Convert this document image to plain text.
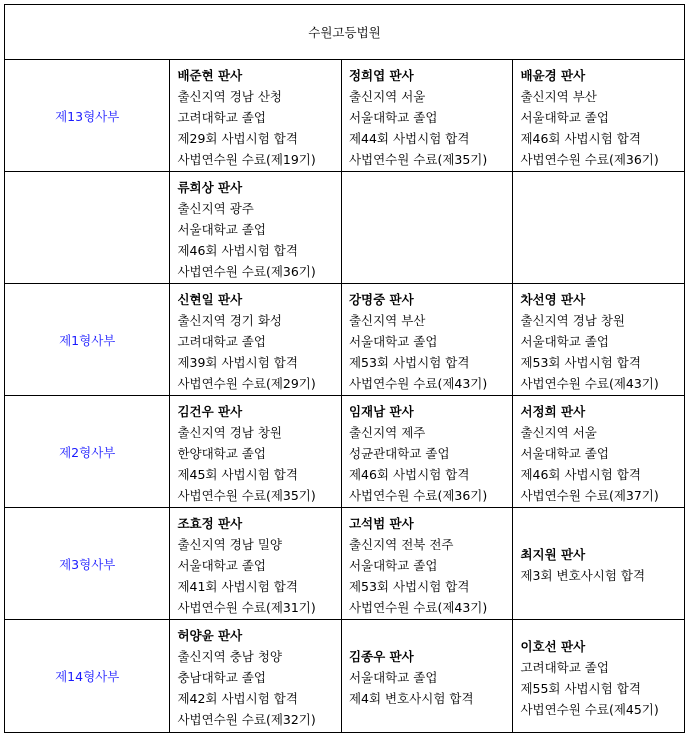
수원고등법원			
제13형사부	배준현 판사
출신지역 경남 산청
고려대학교 졸업
제29회 사법시험 합격
사법연수원 수료(제19기)	정희엽 판사
출신지역 서울
서울대학교 졸업
제44회 사법시험 합격
사법연수원 수료(제35기)	배윤경 판사
출신지역 부산
서울대학교 졸업
제46회 사법시험 합격
사법연수원 수료(제36기)

	류희상 판사
출신지역 광주
서울대학교 졸업
제46회 사법시험 합격
사법연수원 수료(제36기)		

제1형사부	신현일 판사
출신지역 경기 화성
고려대학교 졸업
제39회 사법시험 합격
사법연수원 수료(제29기)	강명중 판사
출신지역 부산
서울대학교 졸업
제53회 사법시험 합격
사법연수원 수료(제43기)	차선영 판사
출신지역 경남 창원
서울대학교 졸업
제53회 사법시험 합격
사법연수원 수료(제43기)

제2형사부	김건우 판사
출신지역 경남 창원
한양대학교 졸업
제45회 사법시험 합격
사법연수원 수료(제35기)	임재남 판사
출신지역 제주
성균관대학교 졸업
제46회 사법시험 합격
사법연수원 수료(제36기)	서정희 판사
출신지역 서울
서울대학교 졸업
제46회 사법시험 합격
사법연수원 수료(제37기)

제3형사부	조효정 판사
출신지역 경남 밀양
서울대학교 졸업
제41회 사법시험 합격
사법연수원 수료(제31기)	고석범 판사
출신지역 전북 전주
서울대학교 졸업
제53회 사법시험 합격
사법연수원 수료(제43기)	최지원 판사
제3회 변호사시험 합격

제14형사부	허양윤 판사
출신지역 충남 청양
충남대학교 졸업
제42회 사법시험 합격
사법연수원 수료(제32기)	김종우 판사
서울대학교 졸업
제4회 변호사시험 합격	이호선 판사
고려대학교 졸업
제55회 사법시험 합격
사법연수원 수료(제45기)
